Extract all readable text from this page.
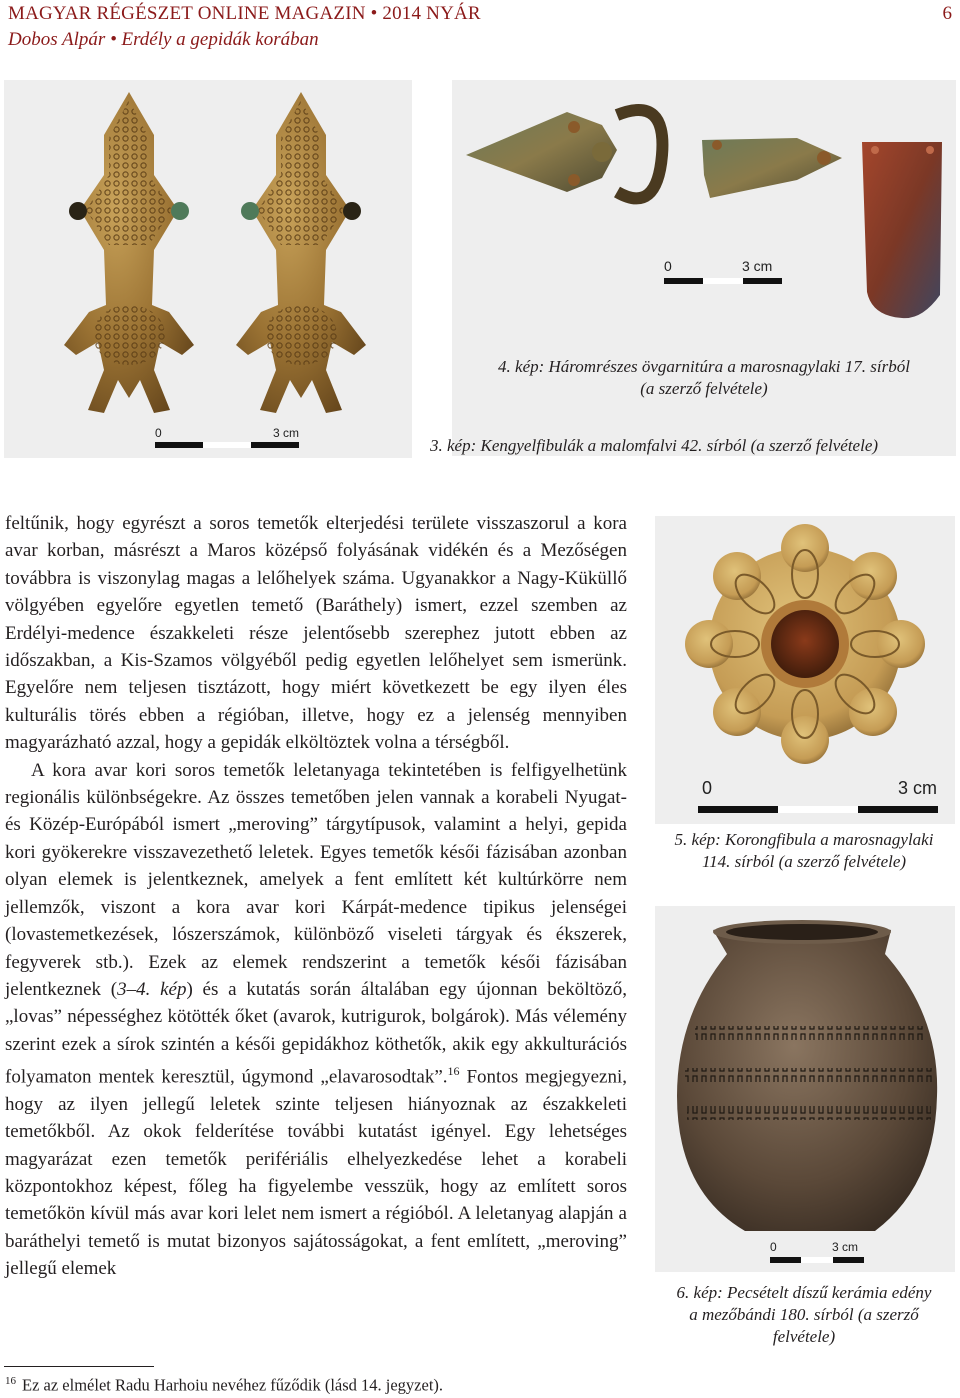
MAGYAR RÉGÉSZET ONLINE MAGAZIN • 2014 NYÁR
Dobos Alpár • Erdély a gepidák korában
6
0	3 cm
0	3 cm
4. kép: Háromrészes övgarnitúra a marosnagylaki 17. sírból
(a szerző felvétele)
3. kép: Kengyelfibulák a malomfalvi 42. sírból (a szerző felvétele)

feltűnik, hogy egyrészt a soros temetők elterjedési területe visszaszorul a kora avar korban, másrészt a Maros középső folyásának vidékén és a Mezőségen továbbra is viszonylag magas a lelőhelyek száma. Ugyanakkor a Nagy-Küküllő völgyében egyelőre egyetlen temető (Baráthely) ismert, ezzel szemben az Erdélyi-medence északkeleti része jelentősebb szerephez jutott ebben az időszakban, a Kis-Szamos völgyéből pedig egyetlen lelőhelyet sem ismerünk. Egyelőre nem teljesen tisztázott, hogy miért következett be egy ilyen éles kulturális törés ebben a régióban, illetve, hogy ez a jelenség mennyiben magyarázható azzal, hogy a gepidák elköltöztek volna a térségből.

A kora avar kori soros temetők leletanyaga tekintetében is felfigyelhetünk regionális különbségekre. Az összes temetőben jelen vannak a korabeli Nyugat- és Közép-Európából ismert „meroving” tárgytípusok, valamint a helyi, gepida kori gyökerekre visszavezethető leletek. Egyes temetők késői fázisában azonban olyan elemek is jelentkeznek, amelyek a fent említett két kultúrkörre nem jellemzők, viszont a kora avar kori Kárpát-medence tipikus jelenségei (lovastemetkezések, lószerszámok, különböző viseleti tárgyak és ékszerek, fegyverek stb.). Ezek az elemek rendszerint a temetők késői fázisában jelentkeznek (3–4. kép) és a kutatás során általában egy újonnan beköltöző, „lovas” népességhez kötötték őket (avarok, kutrigurok, bolgárok). Más vélemény szerint ezek a sírok szintén a késői gepidákhoz köthetők, akik egy akkulturációs folyamaton mentek keresztül, úgymond „elavarosodtak”.$^{16}$ Fontos megjegyezni, hogy az ilyen jellegű leletek szinte teljesen hiányoznak az északkeleti temetőkből. Az okok felderítése további kutatást igényel. Egy lehetséges magyarázat ezen temetők perifériális elhelyezkedése lehet a korabeli központokhoz képest, főleg ha figyelembe vesszük, hogy az említett soros temetőkön kívül más avar kori lelet nem ismert a régióból. A leletanyag alapján a baráthelyi temető is mutat bizonyos sajátosságokat, a fent említett, „meroving” jellegű elemek

0	3 cm
5. kép: Korongfibula a marosnagylaki
114. sírból (a szerző felvétele)
0	3 cm
6. kép: Pecsételt díszű kerámia edény
a mezőbándi 180. sírból (a szerző
felvétele)
$^{16}$ Ez az elmélet Radu Harhoiu nevéhez fűződik (lásd 14. jegyzet).
